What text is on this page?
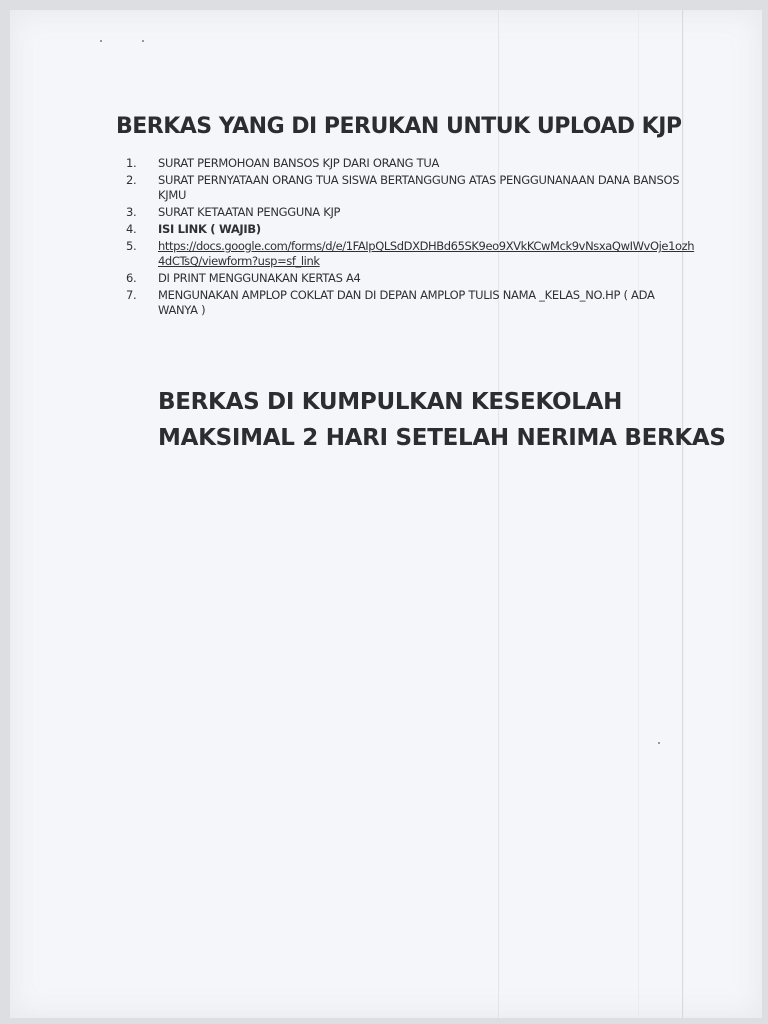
BERKAS YANG DI PERUKAN UNTUK UPLOAD KJP
1.	SURAT PERMOHOAN BANSOS KJP DARI ORANG TUA
2.	SURAT PERNYATAAN ORANG TUA SISWA BERTANGGUNG ATAS PENGGUNANAAN DANA BANSOS KJMU
3.	SURAT KETAATAN PENGGUNA KJP
4.	ISI LINK ( WAJIB)
5.	https://docs.google.com/forms/d/e/1FAIpQLSdDXDHBd65SK9eo9XVkKCwMck9vNsxaQwIWvOje1ozh4dCTsQ/viewform?usp=sf_link
6.	DI PRINT MENGGUNAKAN KERTAS A4
7.	MENGUNAKAN AMPLOP COKLAT DAN DI DEPAN AMPLOP TULIS NAMA _KELAS_NO.HP ( ADA WANYA )

BERKAS DI KUMPULKAN KESEKOLAH
MAKSIMAL 2 HARI SETELAH NERIMA BERKAS
